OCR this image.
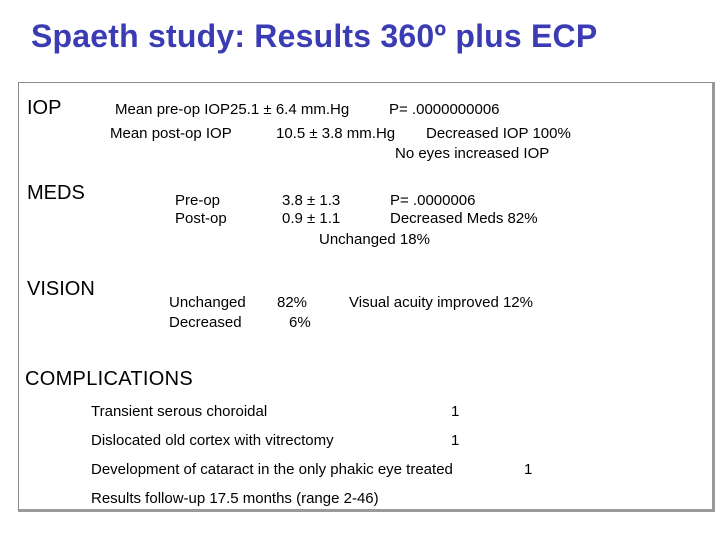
Spaeth study: Results 360º plus ECP
IOP	Mean pre-op IOP25.1 ± 6.4 mm.Hg	P= .0000000006
Mean post-op IOP	10.5 ± 3.8 mm.Hg Decreased IOP 100%
No eyes increased IOP
MEDS	Pre-op	3.8 ± 1.3	P= .0000006
Post-op	0.9 ± 1.1	Decreased Meds 82%
Unchanged 18%
VISION
Unchanged 82%	Visual acuity improved 12%
Decreased	6%
COMPLICATIONS
Transient serous choroidal	1
Dislocated old cortex with vitrectomy	1
Development of cataract in the only phakic eye treated	1
Results follow-up 17.5 months (range 2-46)
